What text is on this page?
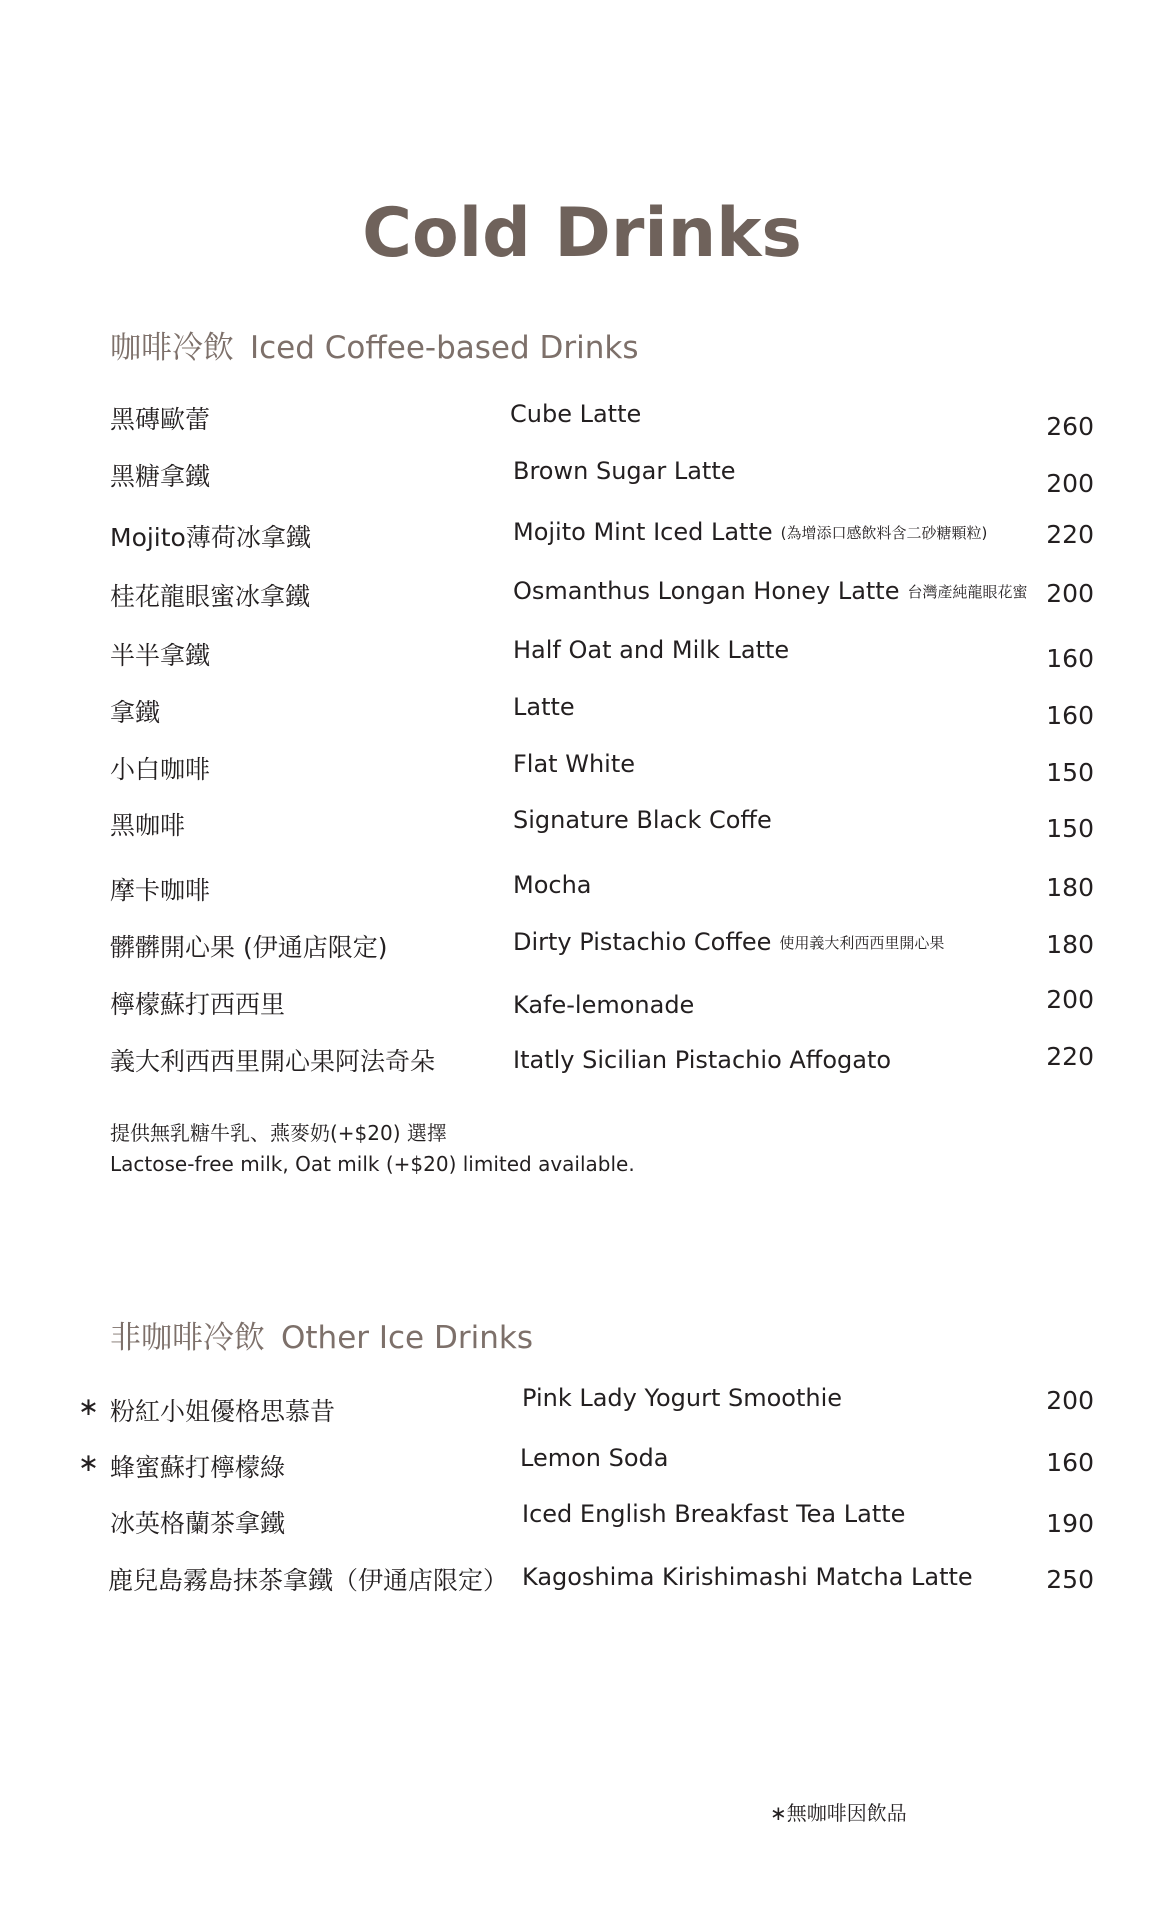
Cold Drinks
咖啡冷飲 Iced Coffee-based Drinks
黑磚歐蕾	Cube Latte	260
黑糖拿鐵	Brown Sugar Latte	200
Mojito薄荷冰拿鐵	Mojito Mint Iced Latte (為增添口感飲料含二砂糖顆粒) 220
桂花龍眼蜜冰拿鐵	Osmanthus Longan Honey Latte 台灣產純龍眼花蜜 200
半半拿鐵	Half Oat and Milk Latte	160
拿鐵	Latte	160
小白咖啡	Flat White	150
黑咖啡	Signature Black Coffe	150
摩卡咖啡	Mocha	180
髒髒開心果 (伊通店限定)	Dirty Pistachio Coffee 使用義大利西西里開心果	180
檸檬蘇打西西里	Kafe-lemonade	200
義大利西西里開心果阿法奇朵	Itatly Sicilian Pistachio Affogato	220
提供無乳糖牛乳、燕麥奶(+$20) 選擇
Lactose-free milk, Oat milk (+$20) limited available.
非咖啡冷飲 Other Ice Drinks
∗ 粉紅小姐優格思慕昔	Pink Lady Yogurt Smoothie	200
∗ 蜂蜜蘇打檸檬綠	Lemon Soda	160
冰英格蘭茶拿鐵	Iced English Breakfast Tea Latte	190
鹿兒島霧島抹茶拿鐵（伊通店限定） Kagoshima Kirishimashi Matcha Latte	250
∗無咖啡因飲品
